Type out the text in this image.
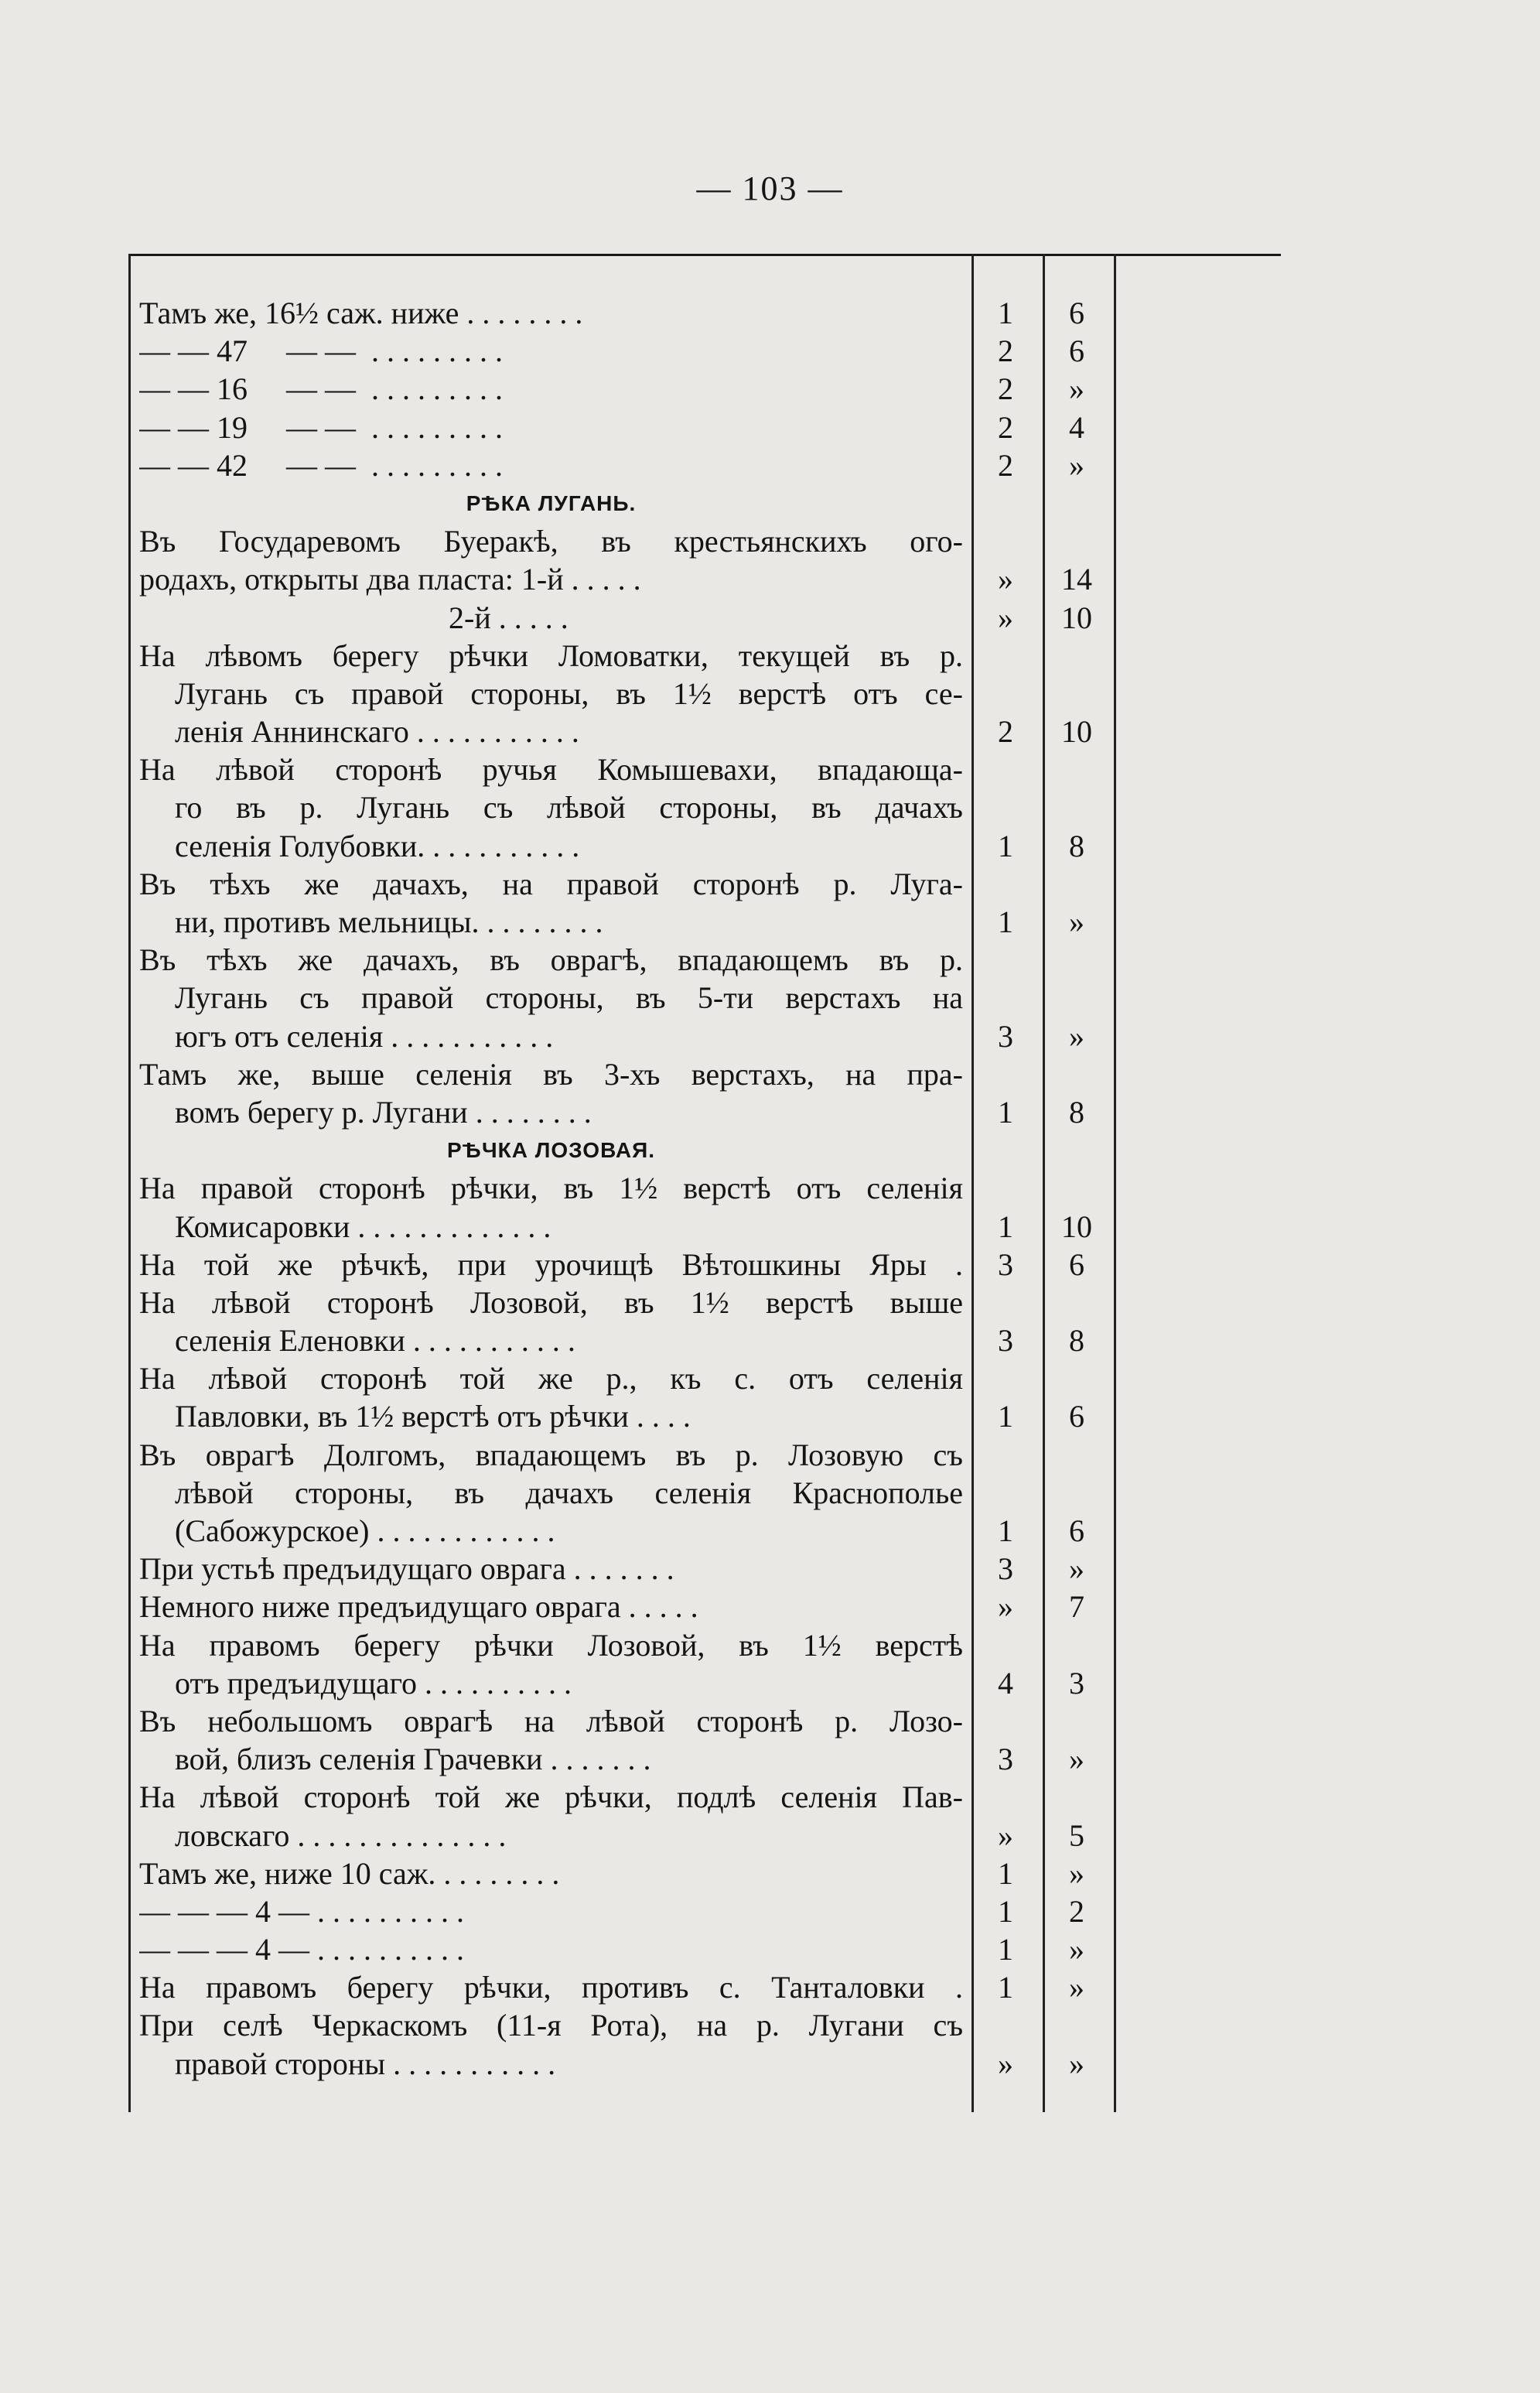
— 103 —
Тамъ же, 16½ саж. ниже . . . . . . . .	1	6
— — 47     — —  . . . . . . . . .	2	6
— — 16     — —  . . . . . . . . .	2	»
— — 19     — —  . . . . . . . . .	2	4
— — 42     — —  . . . . . . . . .	2	»
РѢКА ЛУГАНЬ.
Въ Государевомъ Буеракѣ, въ крестьянскихъ ого-
родахъ, открыты два пласта: 1-й . . . . .	»	14
2-й . . . . .	»	10
На лѣвомъ берегу рѣчки Ломоватки, текущей въ р.
Лугань съ правой стороны, въ 1½ верстѣ отъ се-
ленія Аннинскаго . . . . . . . . . . .	2	10
На лѣвой сторонѣ ручья Комышевахи, впадающа-
го въ р. Лугань съ лѣвой стороны, въ дачахъ
селенія Голубовки. . . . . . . . . . .	1	8
Въ тѣхъ же дачахъ, на правой сторонѣ р. Луга-
ни, противъ мельницы. . . . . . . . .	1	»
Въ тѣхъ же дачахъ, въ оврагѣ, впадающемъ въ р.
Лугань съ правой стороны, въ 5-ти верстахъ на
югъ отъ селенія . . . . . . . . . . .	3	»
Тамъ же, выше селенія въ 3-хъ верстахъ, на пра-
вомъ берегу р. Лугани . . . . . . . .	1	8
РѢЧКА ЛОЗОВАЯ.
На правой сторонѣ рѣчки, въ 1½ верстѣ отъ селенія
Комисаровки . . . . . . . . . . . . .	1	10
На той же рѣчкѣ, при урочищѣ Вѣтошкины Яры .	3	6
На лѣвой сторонѣ Лозовой, въ 1½ верстѣ выше
селенія Еленовки . . . . . . . . . . .	3	8
На лѣвой сторонѣ той же р., къ с. отъ селенія
Павловки, въ 1½ верстѣ отъ рѣчки . . . .	1	6
Въ оврагѣ Долгомъ, впадающемъ въ р. Лозовую съ
лѣвой стороны, въ дачахъ селенія Краснополье
(Сабожурское) . . . . . . . . . . . .	1	6
При устьѣ предъидущаго оврага . . . . . . .	3	»
Немного ниже предъидущаго оврага . . . . .	»	7
На правомъ берегу рѣчки Лозовой, въ 1½ верстѣ
отъ предъидущаго . . . . . . . . . .	4	3
Въ небольшомъ оврагѣ на лѣвой сторонѣ р. Лозо-
вой, близъ селенія Грачевки . . . . . . .	3	»
На лѣвой сторонѣ той же рѣчки, подлѣ селенія Пав-
ловскаго . . . . . . . . . . . . . .	»	5
Тамъ же, ниже 10 саж. . . . . . . . .	1	»
— — — 4 — . . . . . . . . . .	1	2
— — — 4 — . . . . . . . . . .	1	»
На правомъ берегу рѣчки, противъ с. Танталовки .	1	»
При селѣ Черкаскомъ (11-я Рота), на р. Лугани съ
правой стороны . . . . . . . . . . .	»	»
